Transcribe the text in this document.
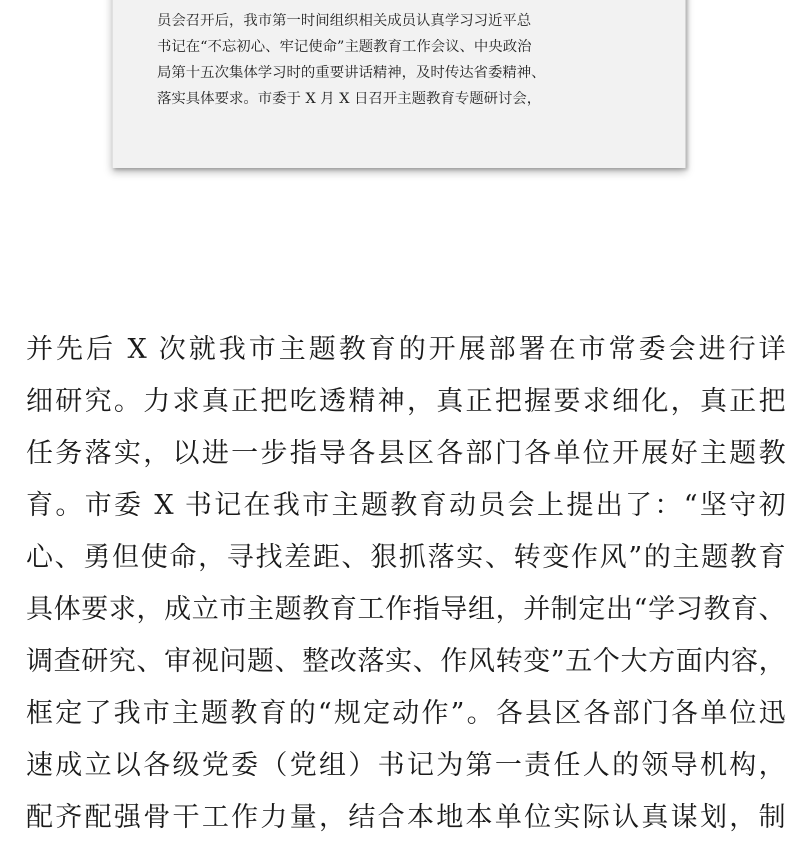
员会召开后，我市第一时间组织相关成员认真学习习近平总
书记在“不忘初心、牢记使命”主题教育工作会议、中央政治
局第十五次集体学习时的重要讲话精神，及时传达省委精神、
落实具体要求。市委于 X 月 X 日召开主题教育专题研讨会，
并先后 X 次就我市主题教育的开展部署在市常委会进行详
细研究。力求真正把吃透精神，真正把握要求细化，真正把
任务落实，以进一步指导各县区各部门各单位开展好主题教
育。市委 X 书记在我市主题教育动员会上提出了：“坚守初
心、勇但使命，寻找差距、狠抓落实、转变作风”的主题教育
具体要求，成立市主题教育工作指导组，并制定出“学习教育、
调查研究、审视问题、整改落实、作风转变”五个大方面内容，
框定了我市主题教育的“规定动作”。各县区各部门各单位迅
速成立以各级党委（党组）书记为第一责任人的领导机构，
配齐配强骨干工作力量，结合本地本单位实际认真谋划，制
